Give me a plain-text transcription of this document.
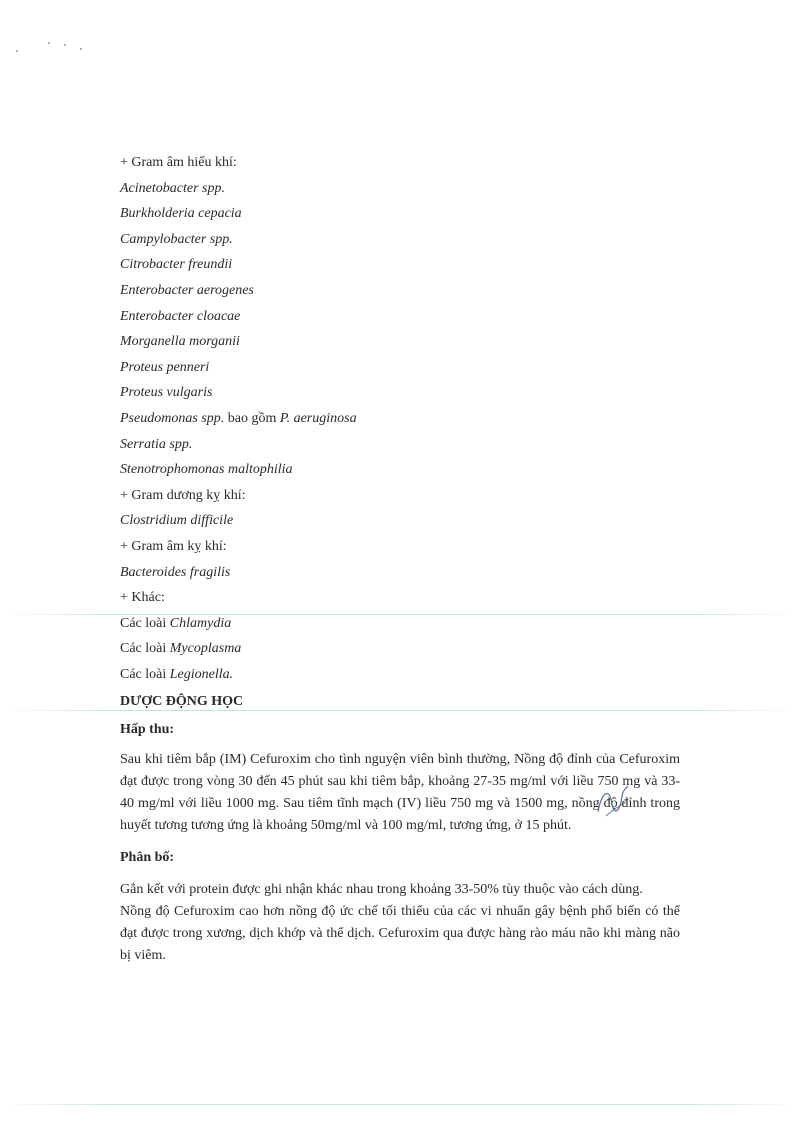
+ Gram âm hiếu khí:
Acinetobacter spp.
Burkholderia cepacia
Campylobacter spp.
Citrobacter freundii
Enterobacter aerogenes
Enterobacter cloacae
Morganella morganii
Proteus penneri
Proteus vulgaris
Pseudomonas spp. bao gồm P. aeruginosa
Serratia spp.
Stenotrophomonas maltophilia
+ Gram dương kỵ khí:
Clostridium difficile
+ Gram âm kỵ khí:
Bacteroides fragilis
+ Khác:
Các loài Chlamydia
Các loài Mycoplasma
Các loài Legionella.
DƯỢC ĐỘNG HỌC
Hấp thu:
Sau khi tiêm bắp (IM) Cefuroxim cho tình nguyện viên bình thường, Nồng độ đỉnh của Cefuroxim đạt được trong vòng 30 đến 45 phút sau khi tiêm bắp, khoảng 27-35 mg/ml với liều 750 mg và 33-40 mg/ml với liều 1000 mg. Sau tiêm tĩnh mạch (IV) liều 750 mg và 1500 mg, nồng độ đỉnh trong huyết tương tương ứng là khoảng 50mg/ml và 100 mg/ml, tương ứng, ở 15 phút.
Phân bố:
Gắn kết với protein được ghi nhận khác nhau trong khoảng 33-50% tùy thuộc vào cách dùng.
Nồng độ Cefuroxim cao hơn nồng độ ức chế tối thiểu của các vi nhuẩn gây bệnh phổ biến có thể đạt được trong xương, dịch khớp và thể dịch. Cefuroxim qua được hàng rào máu não khi màng não bị viêm.
